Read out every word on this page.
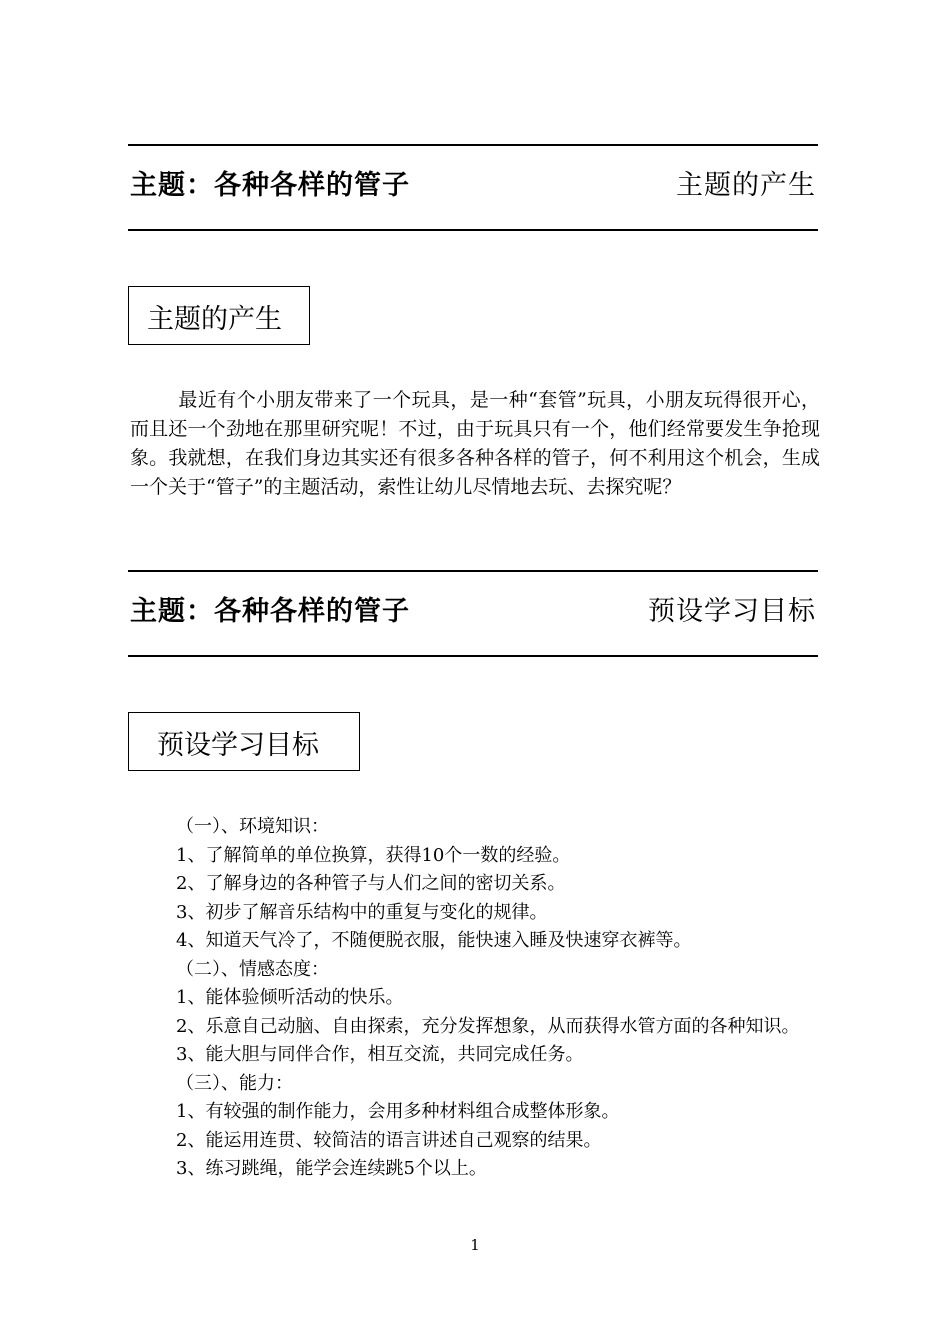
主题：各种各样的管子	主题的产生
主题的产生
最近有个小朋友带来了一个玩具，是一种“套管”玩具，小朋友玩得很开心，而且还一个劲地在那里研究呢！不过，由于玩具只有一个，他们经常要发生争抢现象。我就想，在我们身边其实还有很多各种各样的管子，何不利用这个机会，生成一个关于“管子”的主题活动，索性让幼儿尽情地去玩、去探究呢？
主题：各种各样的管子	预设学习目标
预设学习目标
（一）、环境知识：
1、了解简单的单位换算，获得10个一数的经验。
2、了解身边的各种管子与人们之间的密切关系。
3、初步了解音乐结构中的重复与变化的规律。
4、知道天气冷了，不随便脱衣服，能快速入睡及快速穿衣裤等。
（二）、情感态度：
1、能体验倾听活动的快乐。
2、乐意自己动脑、自由探索，充分发挥想象，从而获得水管方面的各种知识。
3、能大胆与同伴合作，相互交流，共同完成任务。
（三）、能力：
1、有较强的制作能力，会用多种材料组合成整体形象。
2、能运用连贯、较简洁的语言讲述自己观察的结果。
3、练习跳绳，能学会连续跳5个以上。
1
